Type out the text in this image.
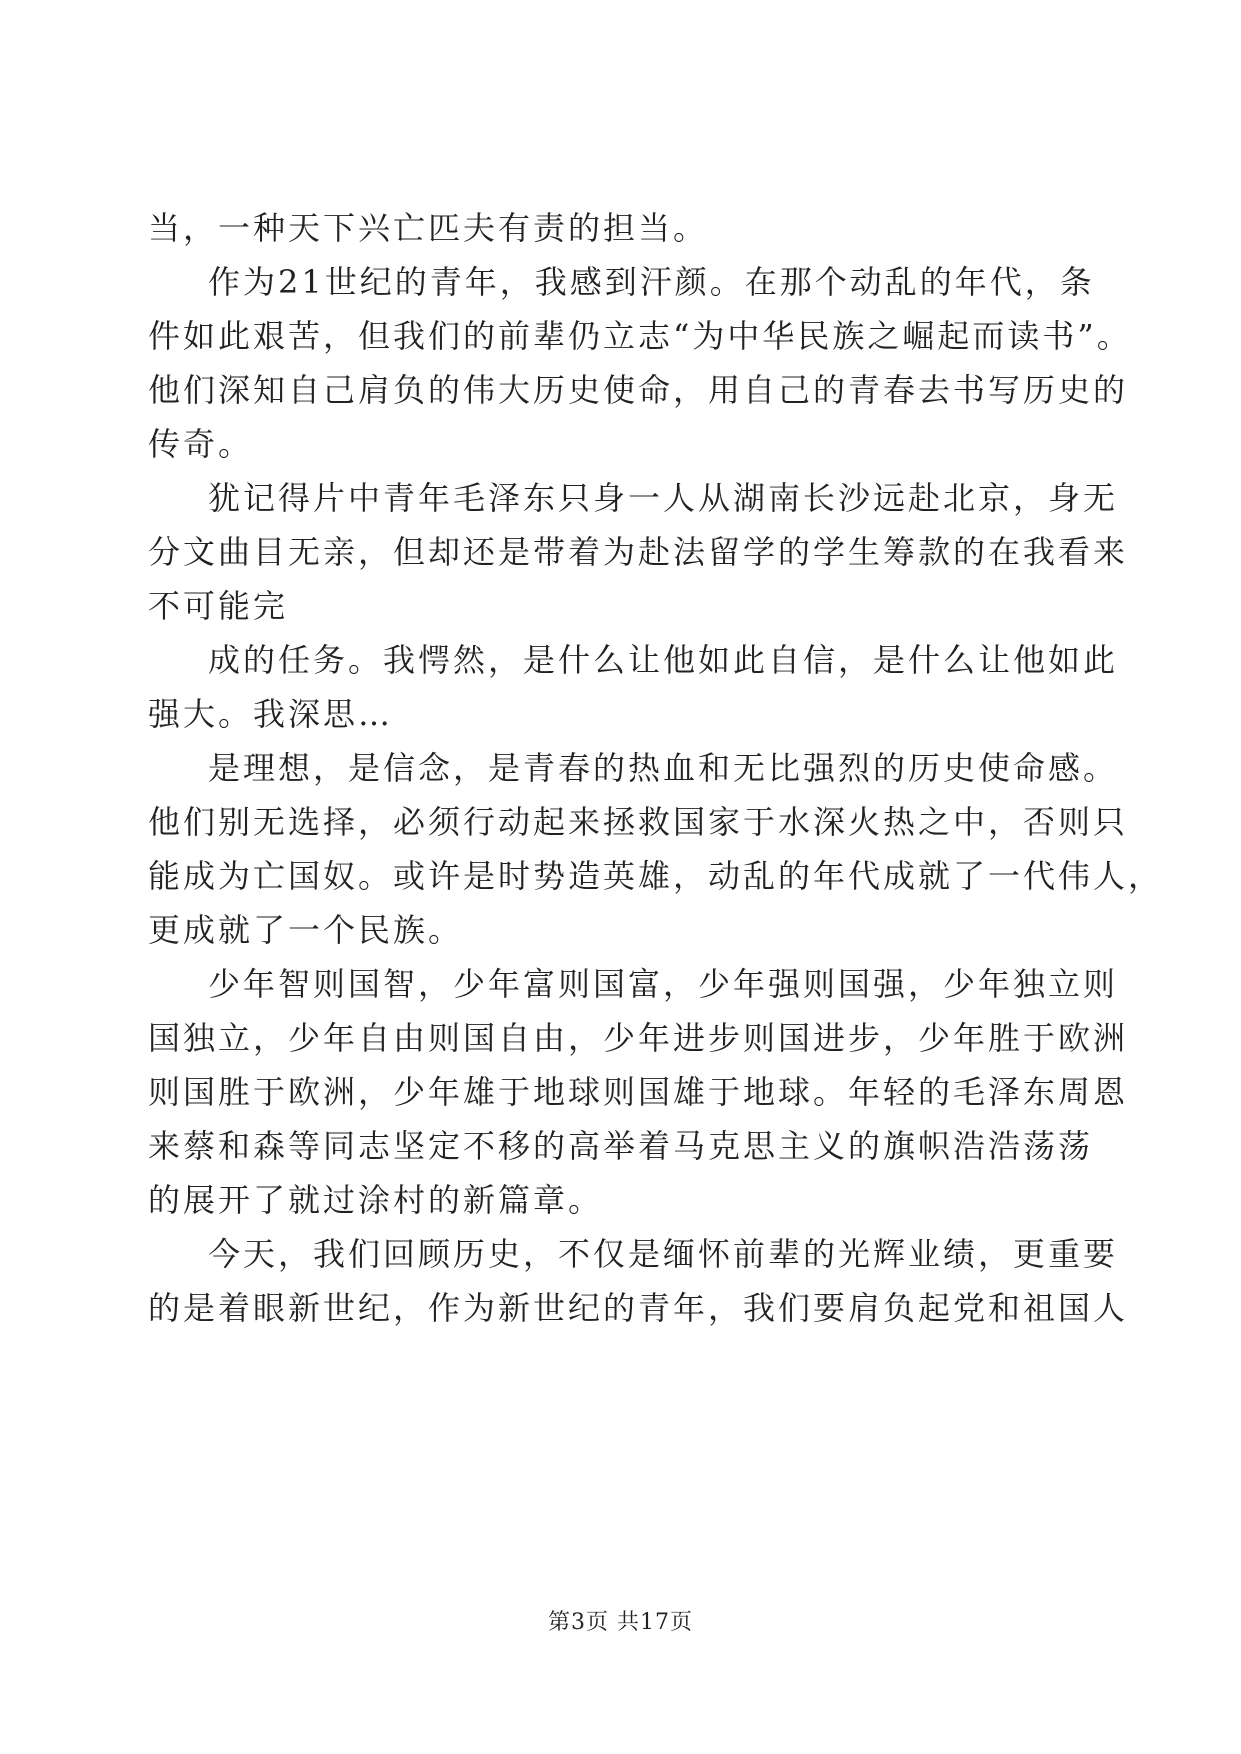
当，一种天下兴亡匹夫有责的担当。
作为21世纪的青年，我感到汗颜。在那个动乱的年代，条
件如此艰苦，但我们的前辈仍立志“为中华民族之崛起而读书”。
他们深知自己肩负的伟大历史使命，用自己的青春去书写历史的
传奇。
犹记得片中青年毛泽东只身一人从湖南长沙远赴北京，身无
分文曲目无亲，但却还是带着为赴法留学的学生筹款的在我看来
不可能完
成的任务。我愕然，是什么让他如此自信，是什么让他如此
强大。我深思…
是理想，是信念，是青春的热血和无比强烈的历史使命感。
他们别无选择，必须行动起来拯救国家于水深火热之中，否则只
能成为亡国奴。或许是时势造英雄，动乱的年代成就了一代伟人，
更成就了一个民族。
少年智则国智，少年富则国富，少年强则国强，少年独立则
国独立，少年自由则国自由，少年进步则国进步，少年胜于欧洲
则国胜于欧洲，少年雄于地球则国雄于地球。年轻的毛泽东周恩
来蔡和森等同志坚定不移的高举着马克思主义的旗帜浩浩荡荡
的展开了就过涂村的新篇章。
今天，我们回顾历史，不仅是缅怀前辈的光辉业绩，更重要
的是着眼新世纪，作为新世纪的青年，我们要肩负起党和祖国人
第3页 共17页
